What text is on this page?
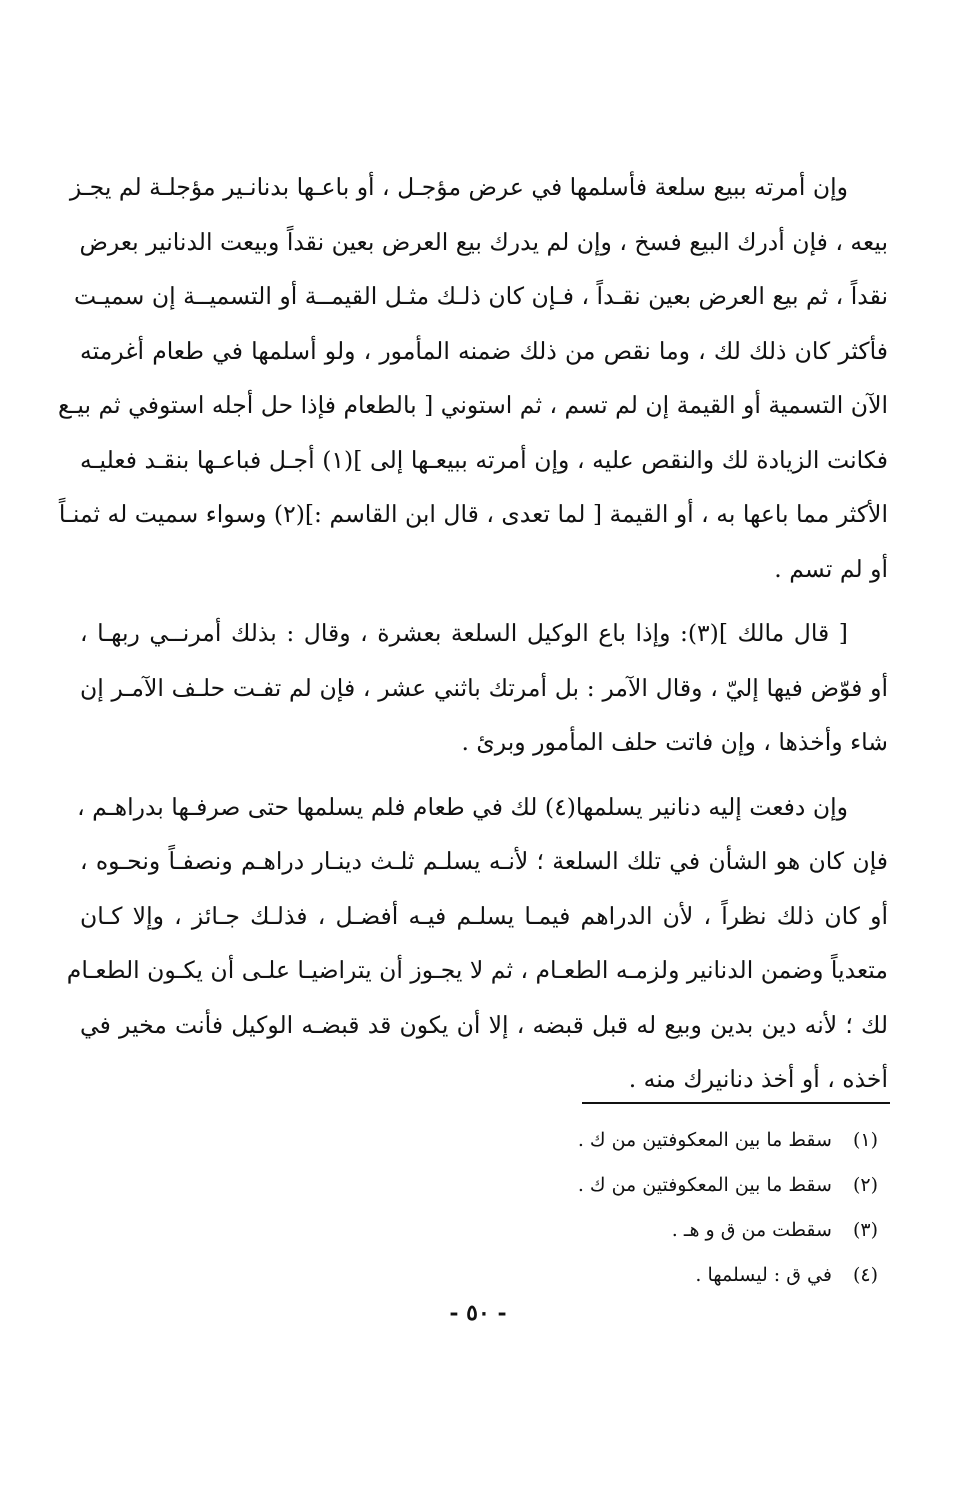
وإن أمرته ببيع سلعة فأسلمها في عرض مؤجـل ، أو باعـها بدنانـير مؤجلـة لم يجـز
بيعه ، فإن أدرك البيع فسخ ، وإن لم يدرك بيع العرض بعين نقداً وبيعت الدنانير بعرض
نقداً ، ثم بيع العرض بعين نقـداً ، فـإن كان ذلـك مثـل القيمــة أو التسميــة إن سميـت
فأكثر كان ذلك لك ، وما نقص من ذلك ضمنه المأمور ، ولو أسلمها في طعام أغرمته
الآن التسمية أو القيمة إن لم تسم ، ثم استوني [ بالطعام فإذا حل أجله استوفي ثم بيـع
فكانت الزيادة لك والنقص عليه ، وإن أمرته ببيعـها إلى ](١) أجـل فباعـها بنقـد فعليـه
الأكثر مما باعها به ، أو القيمة [ لما تعدى ، قال ابن القاسم :](٢) وسواء سميت له ثمنـاً
أو لم تسم .

[ قال مالك ](٣): وإذا باع الوكيل السلعة بعشرة ، وقال : بذلك أمرنــي ربهـا ،
أو فوّض فيها إليّ ، وقال الآمر : بل أمرتك باثني عشر ، فإن لم تفـت حلـف الآمـر إن
شاء وأخذها ، وإن فاتت حلف المأمور وبرئ .

وإن دفعت إليه دنانير يسلمها(٤) لك في طعام فلم يسلمها حتى صرفـها بدراهـم ،
فإن كان هو الشأن في تلك السلعة ؛ لأنـه يسلـم ثلـث دينـار دراهـم ونصفـاً ونحـوه ،
أو كان ذلك نظراً ، لأن الدراهم فيمـا يسلـم فيـه أفضـل ، فذلـك جـائز ، وإلا كـان
متعدياً وضمن الدنانير ولزمـه الطعـام ، ثم لا يجـوز أن يتراضيـا علـى أن يكـون الطعـام
لك ؛ لأنه دين بدين وبيع له قبل قبضه ، إلا أن يكون قد قبضـه الوكيل فأنت مخير في
أخذه ، أو أخذ دنانيرك منه .

(١) سقط ما بين المعكوفتين من ك .
(٢) سقط ما بين المعكوفتين من ك .
(٣) سقطت من ق و هـ .
(٤) في ق : ليسلمها .
- ٥٠ -
